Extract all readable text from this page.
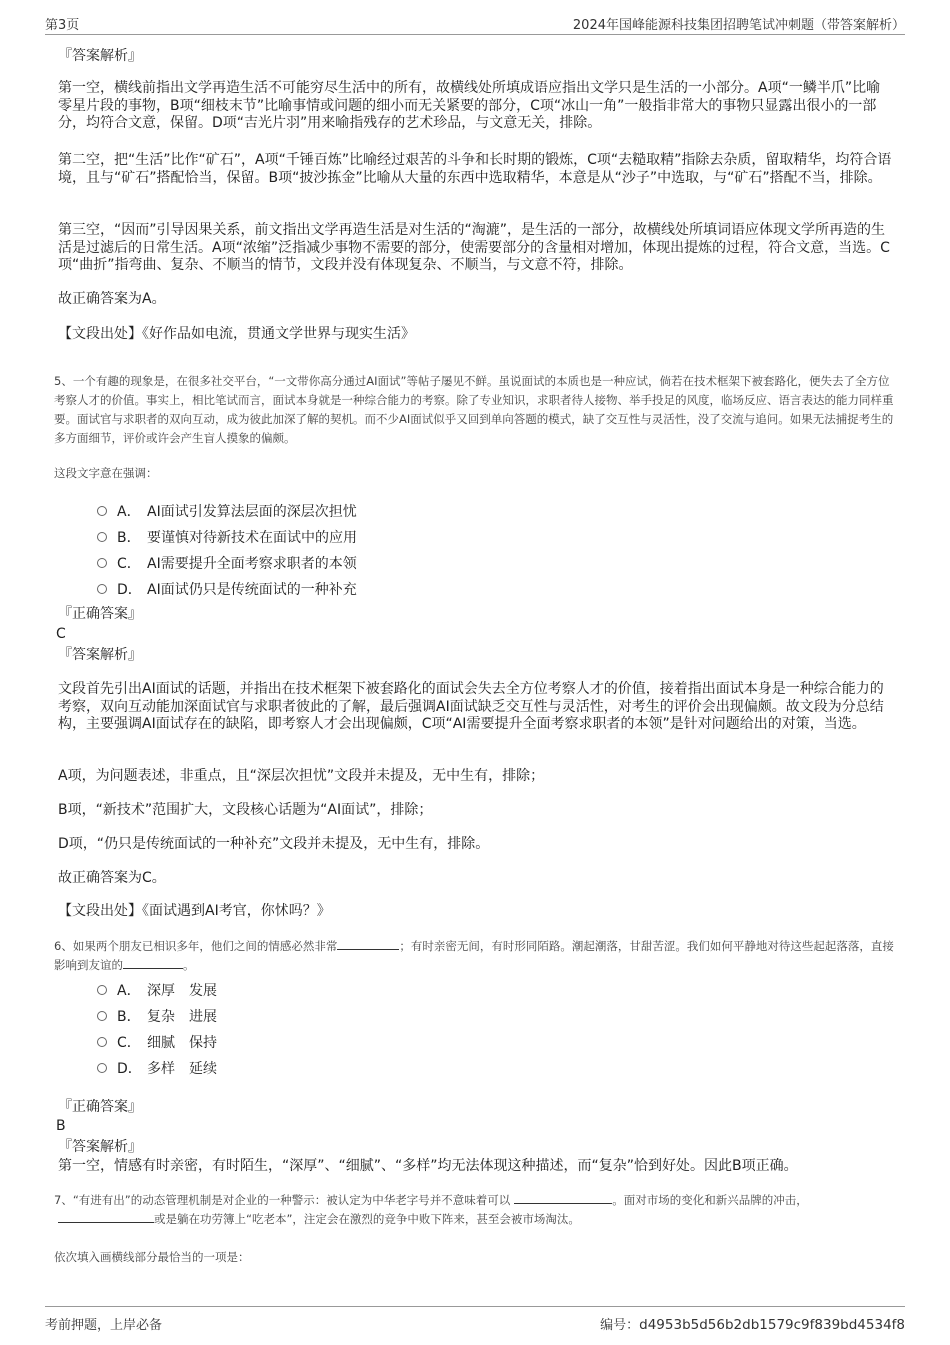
第3页	2024年国峰能源科技集团招聘笔试冲刺题（带答案解析）
『答案解析』

第一空，横线前指出文学再造生活不可能穷尽生活中的所有，故横线处所填成语应指出文学只是生活的一小部分。A项“一鳞半爪”比喻零星片段的事物，B项“细枝末节”比喻事情或问题的细小而无关紧要的部分，C项“冰山一角”一般指非常大的事物只显露出很小的一部分，均符合文意，保留。D项“吉光片羽”用来喻指残存的艺术珍品，与文意无关，排除。

第二空，把“生活”比作“矿石”，A项“千锤百炼”比喻经过艰苦的斗争和长时期的锻炼，C项“去糙取精”指除去杂质，留取精华，均符合语境，且与“矿石”搭配恰当，保留。B项“披沙拣金”比喻从大量的东西中选取精华，本意是从“沙子”中选取，与“矿石”搭配不当，排除。

第三空，“因而”引导因果关系，前文指出文学再造生活是对生活的“淘漉”，是生活的一部分，故横线处所填词语应体现文学所再造的生活是过滤后的日常生活。A项“浓缩”泛指减少事物不需要的部分，使需要部分的含量相对增加，体现出提炼的过程，符合文意，当选。C项“曲折”指弯曲、复杂、不顺当的情节，文段并没有体现复杂、不顺当，与文意不符，排除。

故正确答案为A。
【文段出处】《好作品如电流，贯通文学世界与现实生活》

5、一个有趣的现象是，在很多社交平台，“一文带你高分通过AI面试”等帖子屡见不鲜。虽说面试的本质也是一种应试，倘若在技术框架下被套路化，便失去了全方位考察人才的价值。事实上，相比笔试而言，面试本身就是一种综合能力的考察。除了专业知识，求职者待人接物、举手投足的风度，临场反应、语言表达的能力同样重要。面试官与求职者的双向互动，成为彼此加深了解的契机。而不少AI面试似乎又回到单向答题的模式，缺了交互性与灵活性，没了交流与追问。如果无法捕捉考生的多方面细节，评价或许会产生盲人摸象的偏颇。

这段文字意在强调：
A． AI面试引发算法层面的深层次担忧
B． 要谨慎对待新技术在面试中的应用
C． AI需要提升全面考察求职者的本领
D． AI面试仍只是传统面试的一种补充
『正确答案』
C
『答案解析』

文段首先引出AI面试的话题，并指出在技术框架下被套路化的面试会失去全方位考察人才的价值，接着指出面试本身是一种综合能力的考察，双向互动能加深面试官与求职者彼此的了解，最后强调AI面试缺乏交互性与灵活性，对考生的评价会出现偏颇。故文段为分总结构，主要强调AI面试存在的缺陷，即考察人才会出现偏颇，C项“AI需要提升全面考察求职者的本领”是针对问题给出的对策，当选。

A项，为问题表述，非重点，且“深层次担忧”文段并未提及，无中生有，排除；
B项，“新技术”范围扩大，文段核心话题为“AI面试”，排除；
D项，“仍只是传统面试的一种补充”文段并未提及，无中生有，排除。
故正确答案为C。
【文段出处】《面试遇到AI考官，你怵吗？》

6、如果两个朋友已相识多年，他们之间的情感必然非常	；有时亲密无间，有时形同陌路。潮起潮落，甘甜苦涩。我们如何平静地对待这些起起落落，直接影响到友谊的	。

A． 深厚 发展
B． 复杂 进展
C． 细腻 保持
D． 多样 延续
『正确答案』
B
『答案解析』
第一空，情感有时亲密，有时陌生，“深厚”、“细腻”、“多样”均无法体现这种描述，而“复杂”恰到好处。因此B项正确。

7、“有进有出”的动态管理机制是对企业的一种警示：被认定为中华老字号并不意味着可以	。面对市场的变化和新兴品牌的冲击，或是躺在功劳簿上“吃老本”，注定会在激烈的竞争中败下阵来，甚至会被市场淘汰。

依次填入画横线部分最恰当的一项是：
考前押题，上岸必备	编号：d4953b5d56b2db1579c9f839bd4534f8
